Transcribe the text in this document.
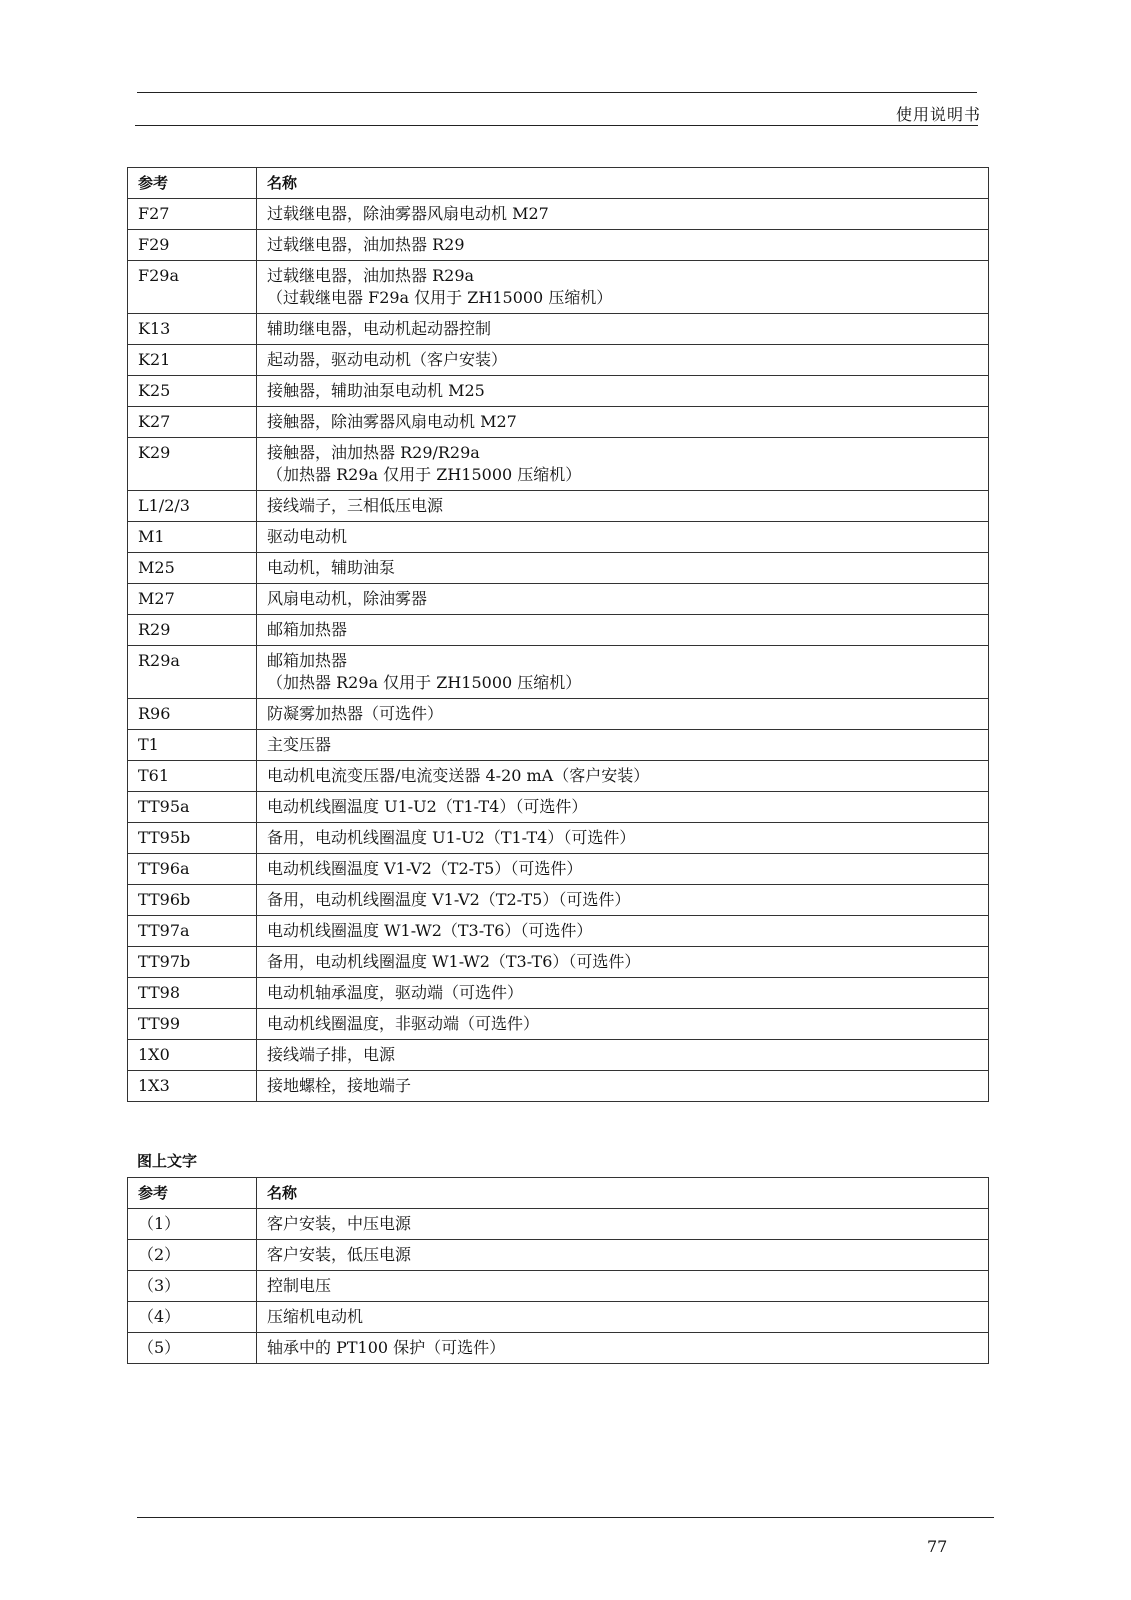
使用说明书
参考	名称
F27	过载继电器，除油雾器风扇电动机 M27

F29	过载继电器，油加热器 R29

F29a	过载继电器，油加热器 R29a
（过载继电器 F29a 仅用于 ZH15000 压缩机）

K13	辅助继电器，电动机起动器控制

K21	起动器，驱动电动机（客户安装）

K25	接触器，辅助油泵电动机 M25

K27	接触器，除油雾器风扇电动机 M27

K29	接触器，油加热器 R29/R29a
（加热器 R29a 仅用于 ZH15000 压缩机）

L1/2/3	接线端子，三相低压电源

M1	驱动电动机

M25	电动机，辅助油泵

M27	风扇电动机，除油雾器

R29	邮箱加热器

R29a	邮箱加热器
（加热器 R29a 仅用于 ZH15000 压缩机）

R96	防凝雾加热器（可选件）

T1	主变压器

T61	电动机电流变压器/电流变送器 4-20 mA（客户安装）

TT95a	电动机线圈温度 U1-U2（T1-T4）（可选件）

TT95b	备用，电动机线圈温度 U1-U2（T1-T4）（可选件）

TT96a	电动机线圈温度 V1-V2（T2-T5）（可选件）

TT96b	备用，电动机线圈温度 V1-V2（T2-T5）（可选件）

TT97a	电动机线圈温度 W1-W2（T3-T6）（可选件）

TT97b	备用，电动机线圈温度 W1-W2（T3-T6）（可选件）

TT98	电动机轴承温度，驱动端（可选件）

TT99	电动机线圈温度，非驱动端（可选件）

1X0	接线端子排，电源

1X3	接地螺栓，接地端子
图上文字
参考	名称
（1）	客户安装，中压电源

（2）	客户安装，低压电源

（3）	控制电压

（4）	压缩机电动机

（5）	轴承中的 PT100 保护（可选件）
77
